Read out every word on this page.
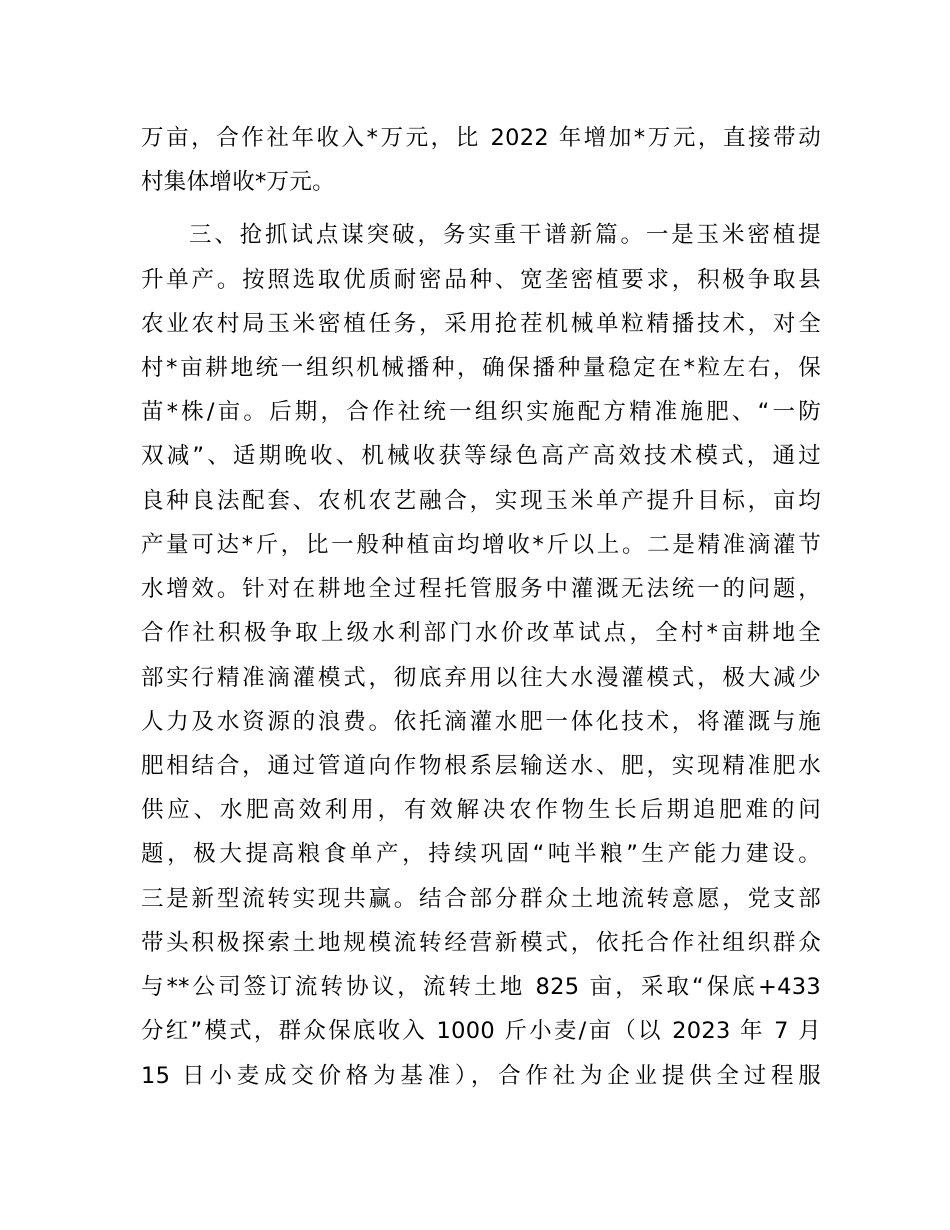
万亩，合作社年收入*万元，比 2022 年增加*万元，直接带动
村集体增收*万元。
三、抢抓试点谋突破，务实重干谱新篇。一是玉米密植提
升单产。按照选取优质耐密品种、宽垄密植要求，积极争取县
农业农村局玉米密植任务，采用抢茬机械单粒精播技术，对全
村*亩耕地统一组织机械播种，确保播种量稳定在*粒左右，保
苗*株/亩。后期，合作社统一组织实施配方精准施肥、“一防
双减”、适期晚收、机械收获等绿色高产高效技术模式，通过
良种良法配套、农机农艺融合，实现玉米单产提升目标，亩均
产量可达*斤，比一般种植亩均增收*斤以上。二是精准滴灌节
水增效。针对在耕地全过程托管服务中灌溉无法统一的问题，
合作社积极争取上级水利部门水价改革试点，全村*亩耕地全
部实行精准滴灌模式，彻底弃用以往大水漫灌模式，极大减少
人力及水资源的浪费。依托滴灌水肥一体化技术，将灌溉与施
肥相结合，通过管道向作物根系层输送水、肥，实现精准肥水
供应、水肥高效利用，有效解决农作物生长后期追肥难的问
题，极大提高粮食单产，持续巩固“吨半粮”生产能力建设。
三是新型流转实现共赢。结合部分群众土地流转意愿，党支部
带头积极探索土地规模流转经营新模式，依托合作社组织群众
与**公司签订流转协议，流转土地 825 亩，采取“保底+433
分红”模式，群众保底收入 1000 斤小麦/亩（以 2023 年 7 月
15 日小麦成交价格为基准），合作社为企业提供全过程服
